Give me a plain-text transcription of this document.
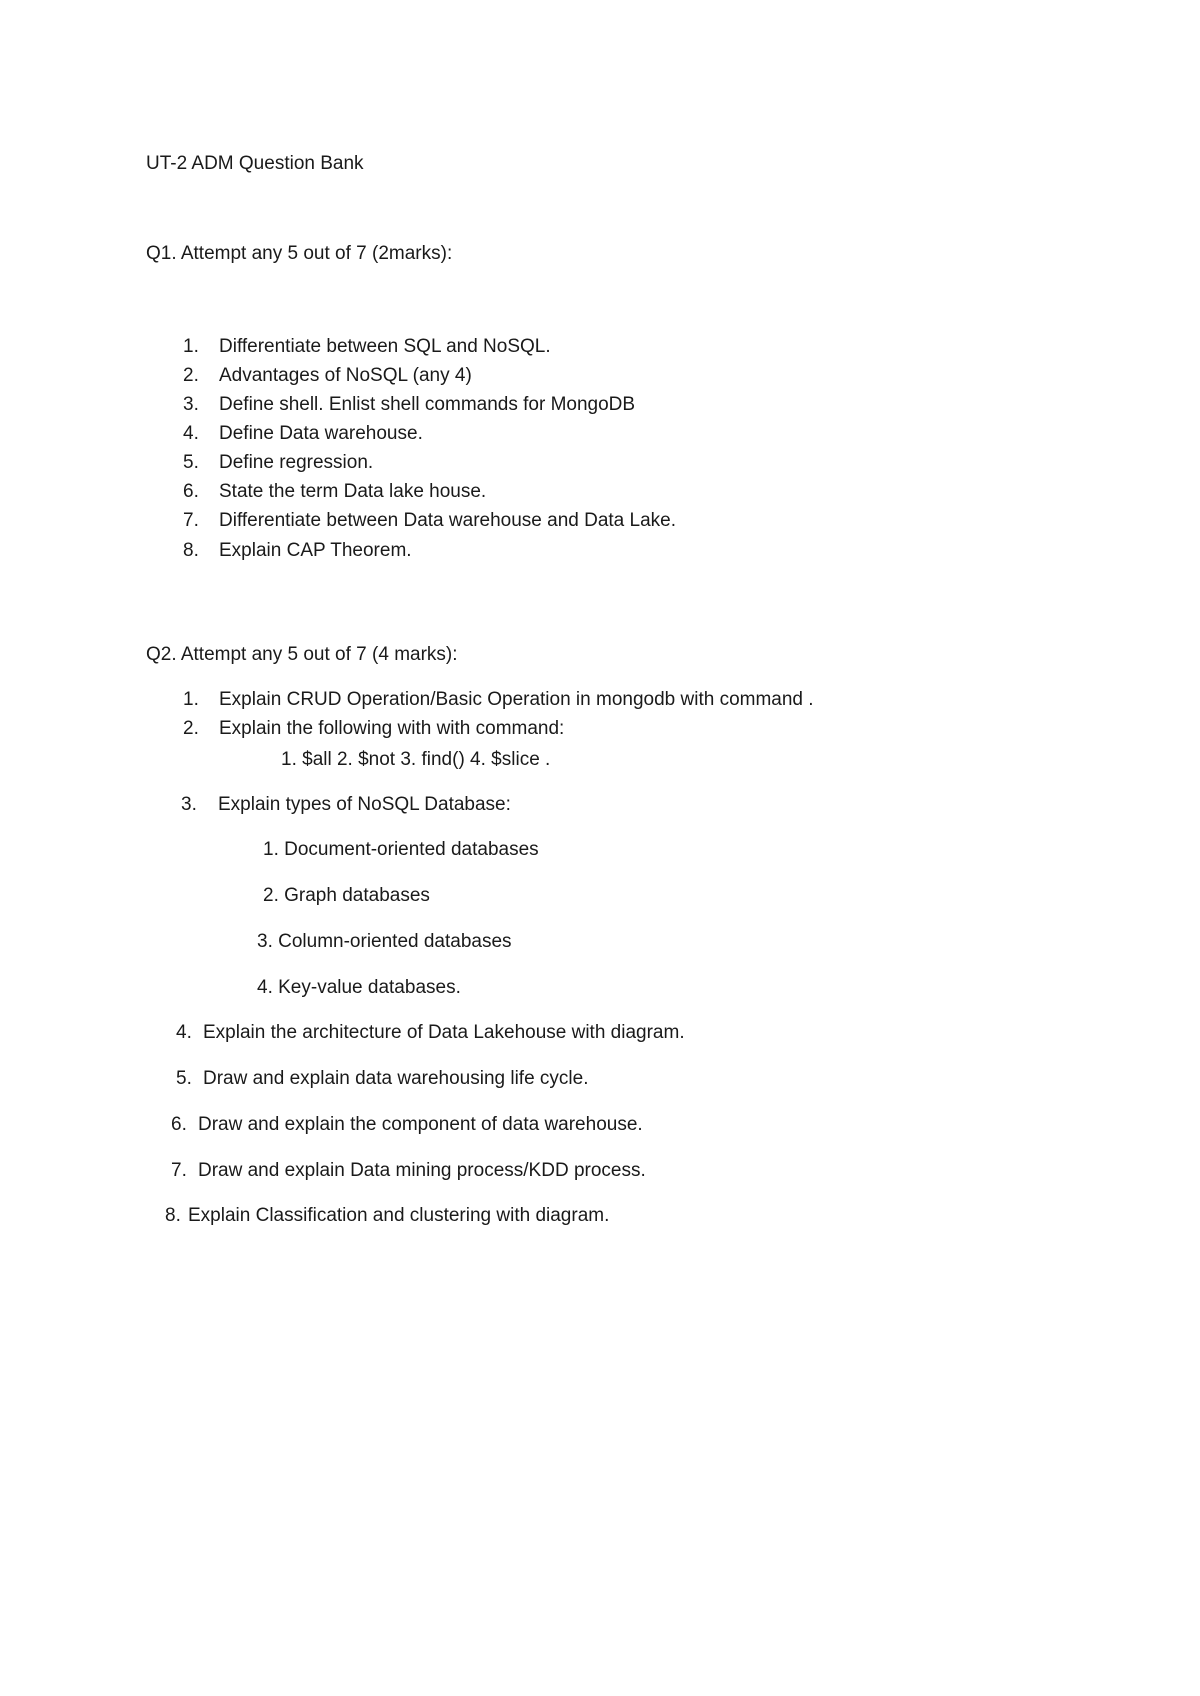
UT-2 ADM Question Bank
Q1. Attempt any 5 out of 7 (2marks):
1. Differentiate between SQL and NoSQL.
2. Advantages of NoSQL (any 4)
3. Define shell. Enlist shell commands for MongoDB
4. Define Data warehouse.
5. Define regression.
6. State the term Data lake house.
7. Differentiate between Data warehouse and Data Lake.
8. Explain CAP Theorem.
Q2. Attempt any 5 out of 7 (4 marks):
1. Explain CRUD Operation/Basic Operation in mongodb with command .
2. Explain the following with with command:
1. $all 2. $not 3. find() 4. $slice .
3. Explain types of NoSQL Database:
1. Document-oriented databases
2. Graph databases
3. Column-oriented databases
4. Key-value databases.
4. Explain the architecture of Data Lakehouse with diagram.
5. Draw and explain data warehousing life cycle.
6. Draw and explain the component of data warehouse.
7. Draw and explain Data mining process/KDD process.
8. Explain Classification and clustering with diagram.
